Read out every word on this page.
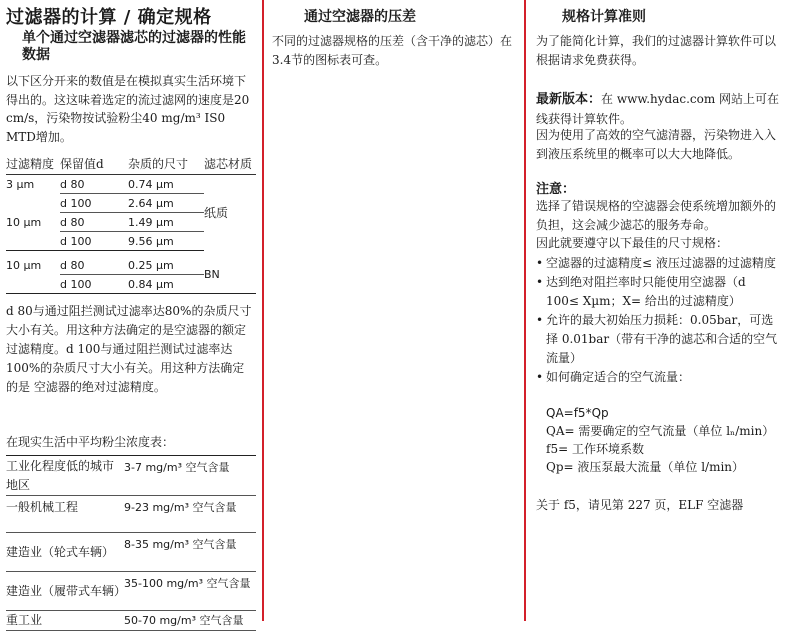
过滤器的计算 / 确定规格
单个通过空滤器滤芯的过滤器的性能数据
以下区分开来的数值是在模拟真实生活环境下得出的。这这味着选定的流过滤网的速度是20 cm/s，污染物按试验粉尘40 mg/m³ IS0 MTD增加。
过滤精度	保留值d	杂质的尺寸	滤芯材质
3 µm	d 80	0.74 µm	纸质
	d 100	2.64 µm	
10 µm	d 80	1.49 µm	
	d 100	9.56 µm	

10 µm	d 80	0.25 µm	BN
	d 100	0.84 µm	
d 80与通过阻拦测试过滤率达80%的杂质尺寸大小有关。用这种方法确定的是空滤器的额定过滤精度。d 100与通过阻拦测试过滤率达100%的杂质尺寸大小有关。用这种方法确定的是 空滤器的绝对过滤精度。
在现实生活中平均粉尘浓度表：
工业化程度低的城市地区	3-7 mg/m³ 空气含量
一般机械工程	9-23 mg/m³ 空气含量
建造业（轮式车辆）	8-35 mg/m³ 空气含量
建造业（履带式车辆）	35-100 mg/m³ 空气含量
重工业	50-70 mg/m³ 空气含量
通过空滤器的压差
不同的过滤器规格的压差（含干净的滤芯）在3.4节的图标表可查。
规格计算准则
为了能简化计算，我们的过滤器计算软件可以根据请求免费获得。
最新版本：在 www.hydac.com 网站上可在线获得计算软件。
因为使用了高效的空气滤清器，污染物进入入到液压系统里的概率可以大大地降低。
注意：
选择了错误规格的空滤器会使系统增加额外的负担，这会减少滤芯的服务寿命。
因此就要遵守以下最佳的尺寸规格：
• 空滤器的过滤精度≤ 液压过滤器的过滤精度
• 达到绝对阻拦率时只能使用空滤器（d 100≤ Xµm；X= 给出的过滤精度）
• 允许的最大初始压力损耗：0.05bar，可选择 0.01bar（带有干净的滤芯和合适的空气流量）
• 如何确定适合的空气流量：
QA=f5*Qp
QA= 需要确定的空气流量（单位 lₙ/min）
f5= 工作环境系数
Qp= 液压泵最大流量（单位 l/min）
关于 f5，请见第 227 页，ELF 空滤器
